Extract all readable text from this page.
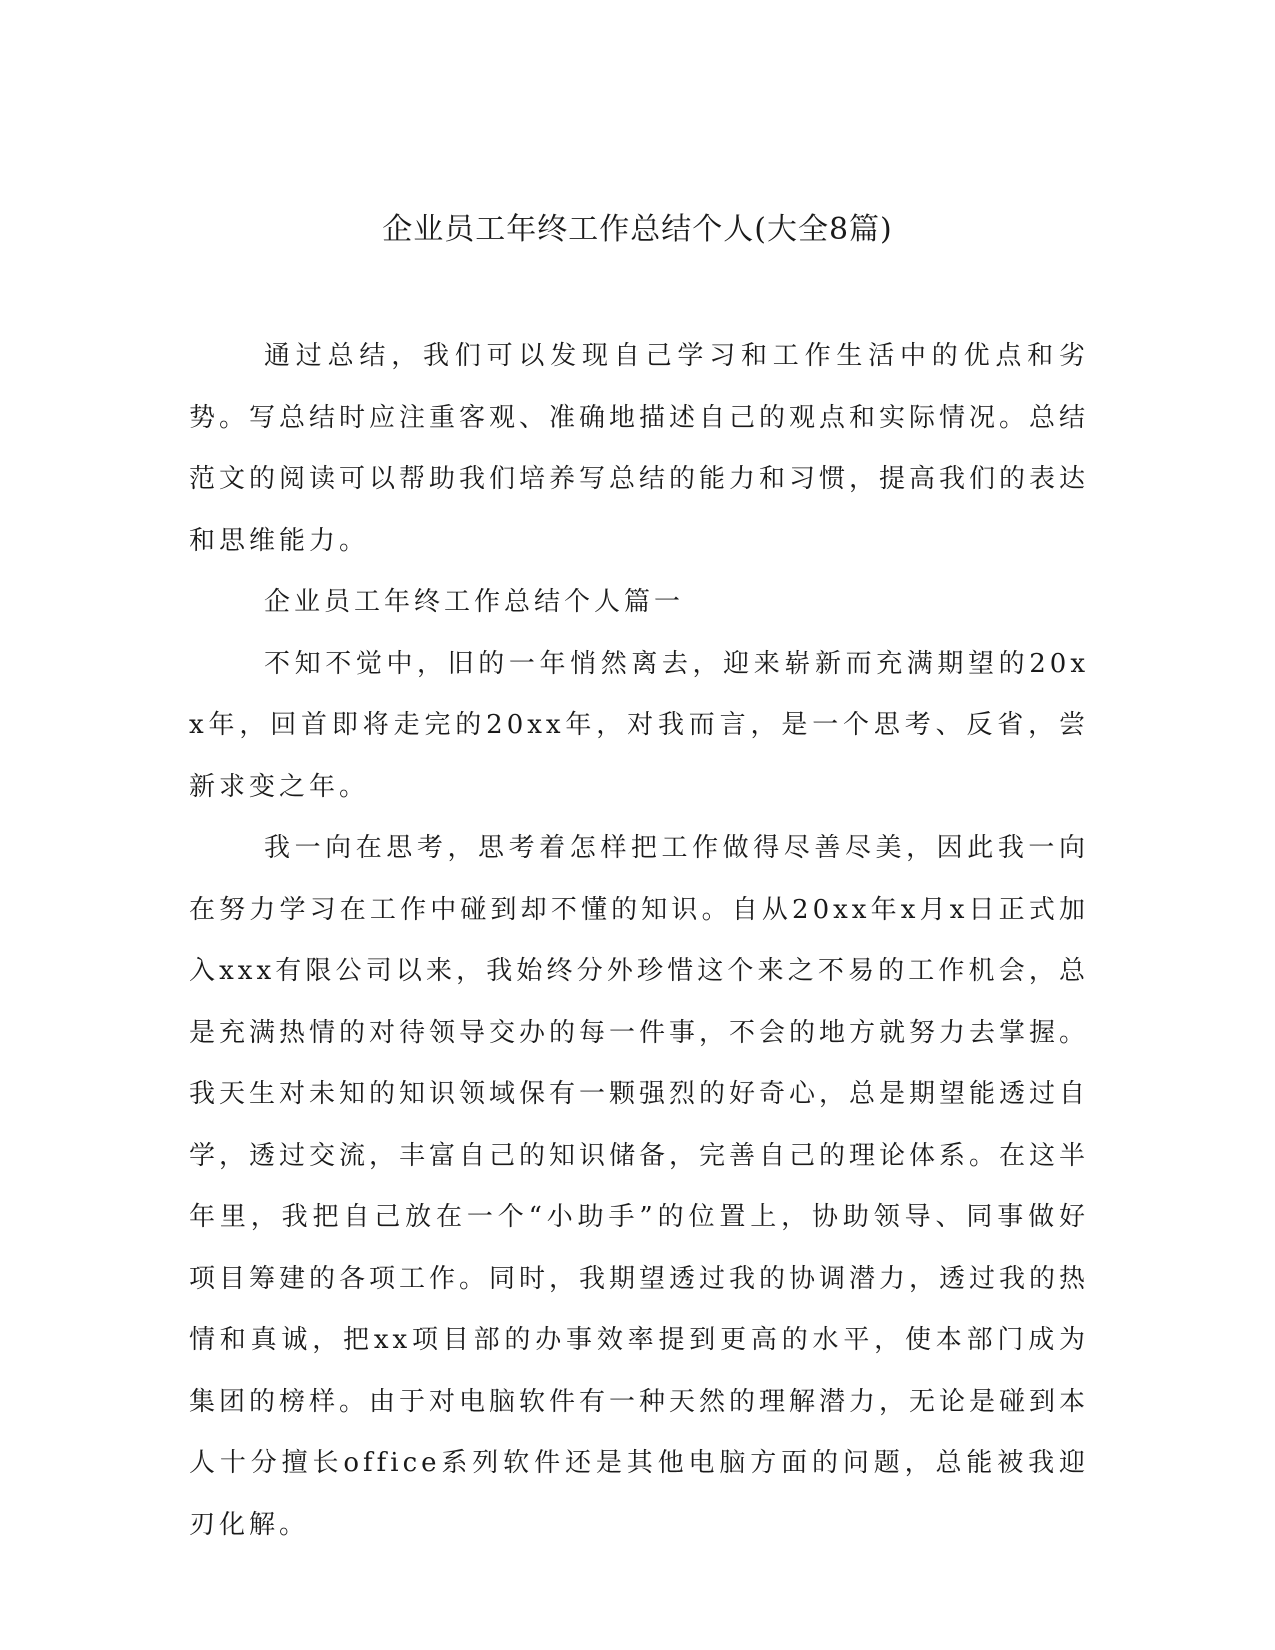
企业员工年终工作总结个人(大全8篇)

通过总结，我们可以发现自己学习和工作生活中的优点和劣势。写总结时应注重客观、准确地描述自己的观点和实际情况。总结范文的阅读可以帮助我们培养写总结的能力和习惯，提高我们的表达和思维能力。

企业员工年终工作总结个人篇一

不知不觉中，旧的一年悄然离去，迎来崭新而充满期望的20xx年，回首即将走完的20xx年，对我而言，是一个思考、反省，尝新求变之年。

我一向在思考，思考着怎样把工作做得尽善尽美，因此我一向在努力学习在工作中碰到却不懂的知识。自从20xx年x月x日正式加入xxx有限公司以来，我始终分外珍惜这个来之不易的工作机会，总是充满热情的对待领导交办的每一件事，不会的地方就努力去掌握。我天生对未知的知识领域保有一颗强烈的好奇心，总是期望能透过自学，透过交流，丰富自己的知识储备，完善自己的理论体系。在这半年里，我把自己放在一个“小助手”的位置上，协助领导、同事做好项目筹建的各项工作。同时，我期望透过我的协调潜力，透过我的热情和真诚，把xx项目部的办事效率提到更高的水平，使本部门成为集团的榜样。由于对电脑软件有一种天然的理解潜力，无论是碰到本人十分擅长office系列软件还是其他电脑方面的问题，总能被我迎刃化解。
